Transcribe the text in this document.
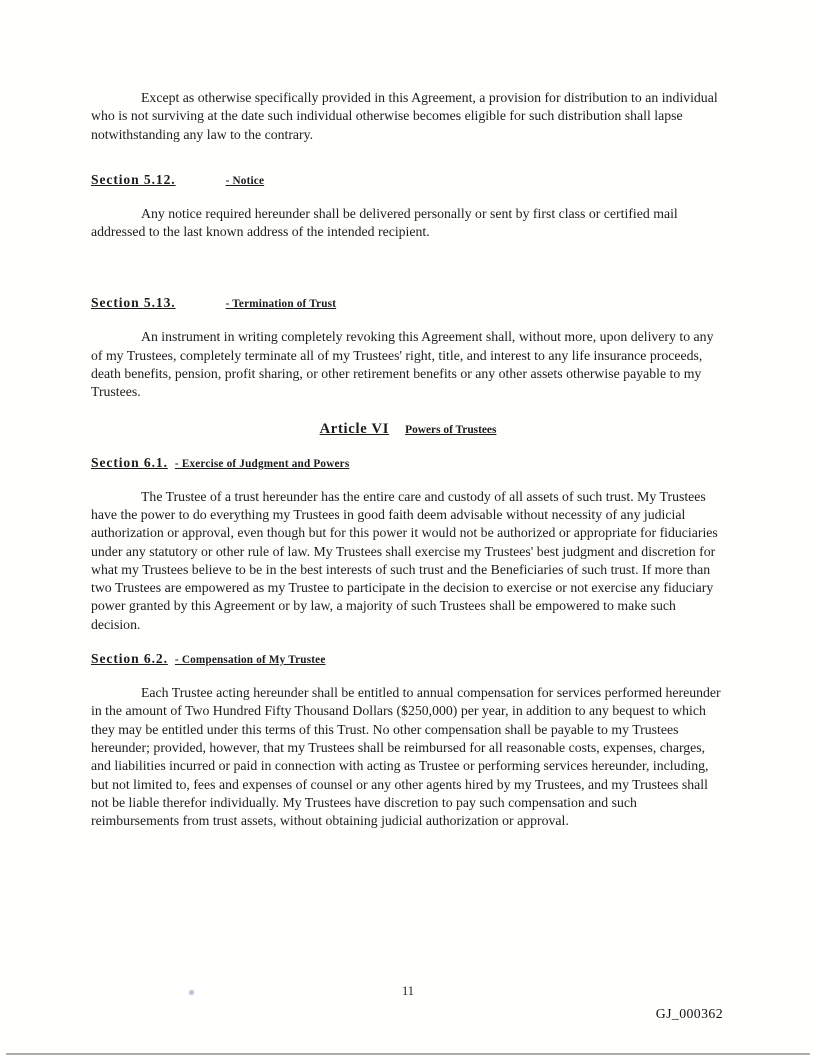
Except as otherwise specifically provided in this Agreement, a provision for distribution to an individual who is not surviving at the date such individual otherwise becomes eligible for such distribution shall lapse notwithstanding any law to the contrary.

Section 5.12.	- Notice

Any notice required hereunder shall be delivered personally or sent by first class or certified mail addressed to the last known address of the intended recipient.

Section 5.13.	- Termination of Trust

An instrument in writing completely revoking this Agreement shall, without more, upon delivery to any of my Trustees, completely terminate all of my Trustees' right, title, and interest to any life insurance proceeds, death benefits, pension, profit sharing, or other retirement benefits or any other assets otherwise payable to my Trustees.

Article VI Powers of Trustees
Section 6.1. - Exercise of Judgment and Powers

The Trustee of a trust hereunder has the entire care and custody of all assets of such trust. My Trustees have the power to do everything my Trustees in good faith deem advisable without necessity of any judicial authorization or approval, even though but for this power it would not be authorized or appropriate for fiduciaries under any statutory or other rule of law. My Trustees shall exercise my Trustees' best judgment and discretion for what my Trustees believe to be in the best interests of such trust and the Beneficiaries of such trust. If more than two Trustees are empowered as my Trustee to participate in the decision to exercise or not exercise any fiduciary power granted by this Agreement or by law, a majority of such Trustees shall be empowered to make such decision.

Section 6.2. - Compensation of My Trustee

Each Trustee acting hereunder shall be entitled to annual compensation for services performed hereunder in the amount of Two Hundred Fifty Thousand Dollars ($250,000) per year, in addition to any bequest to which they may be entitled under this terms of this Trust. No other compensation shall be payable to my Trustees hereunder; provided, however, that my Trustees shall be reimbursed for all reasonable costs, expenses, charges, and liabilities incurred or paid in connection with acting as Trustee or performing services hereunder, including, but not limited to, fees and expenses of counsel or any other agents hired by my Trustees, and my Trustees shall not be liable therefor individually. My Trustees have discretion to pay such compensation and such reimbursements from trust assets, without obtaining judicial authorization or approval.

11
GJ_000362
